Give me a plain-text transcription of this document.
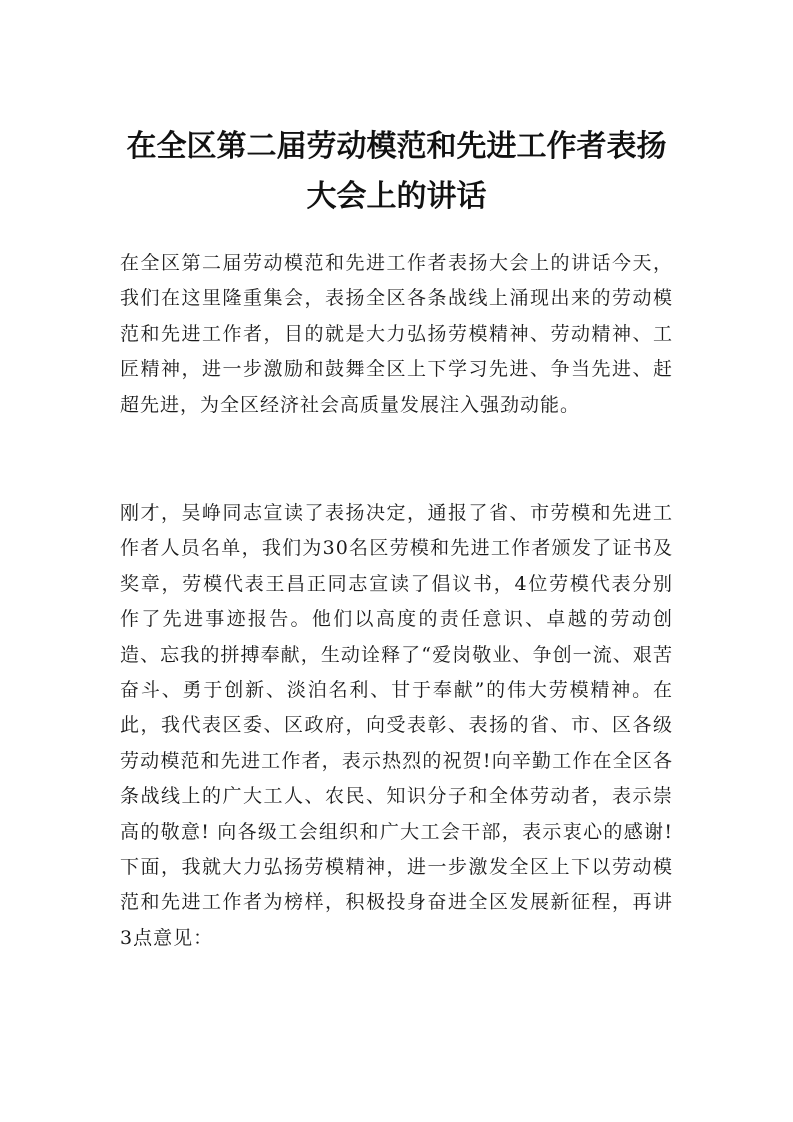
在全区第二届劳动模范和先进工作者表扬
大会上的讲话

在全区第二届劳动模范和先进工作者表扬大会上的讲话今天，我们在这里隆重集会，表扬全区各条战线上涌现出来的劳动模范和先进工作者，目的就是大力弘扬劳模精神、劳动精神、工匠精神，进一步激励和鼓舞全区上下学习先进、争当先进、赶超先进，为全区经济社会高质量发展注入强劲动能。

刚才，吴峥同志宣读了表扬决定，通报了省、市劳模和先进工作者人员名单，我们为30名区劳模和先进工作者颁发了证书及奖章，劳模代表王昌正同志宣读了倡议书，4位劳模代表分别作了先进事迹报告。他们以高度的责任意识、卓越的劳动创造、忘我的拼搏奉献，生动诠释了“爱岗敬业、争创一流、艰苦奋斗、勇于创新、淡泊名利、甘于奉献”的伟大劳模精神。在此，我代表区委、区政府，向受表彰、表扬的省、市、区各级劳动模范和先进工作者，表示热烈的祝贺!向辛勤工作在全区各条战线上的广大工人、农民、知识分子和全体劳动者，表示崇高的敬意! 向各级工会组织和广大工会干部，表示衷心的感谢! 下面，我就大力弘扬劳模精神，进一步激发全区上下以劳动模范和先进工作者为榜样，积极投身奋进全区发展新征程，再讲3点意见：
